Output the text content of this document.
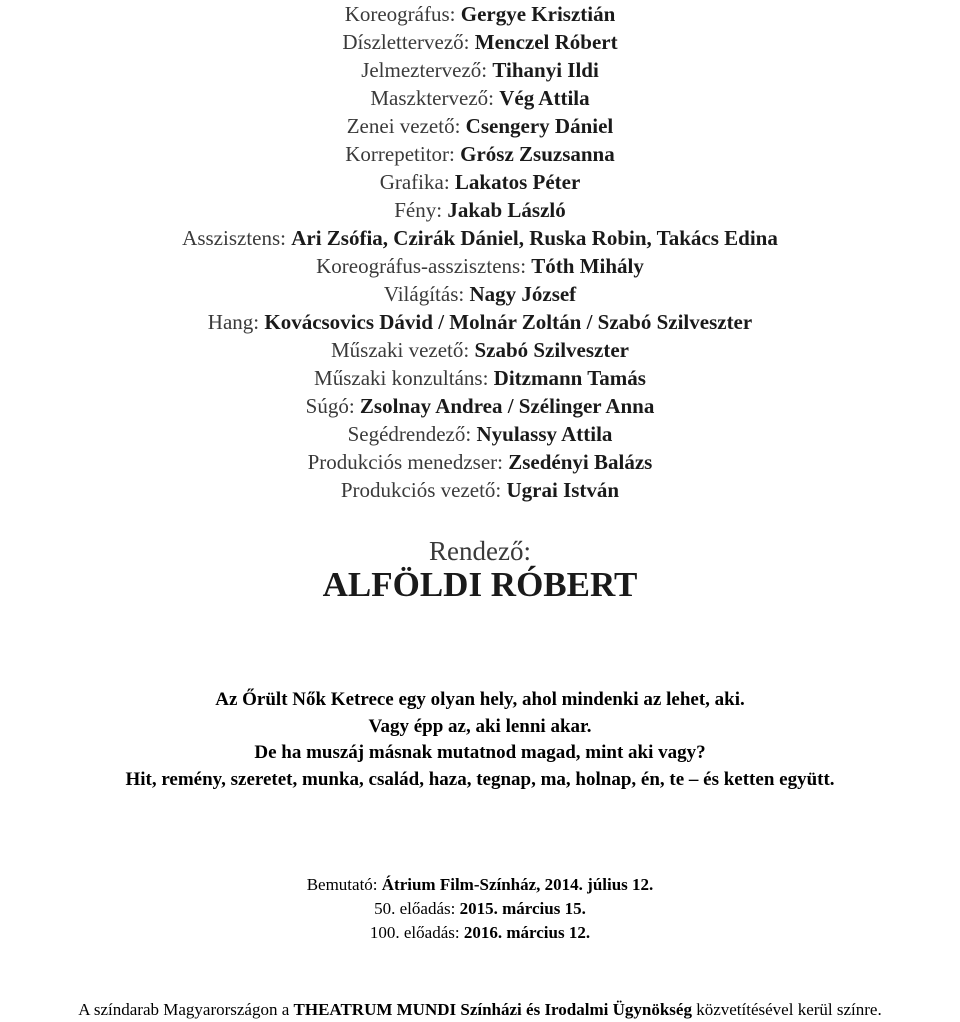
Koreográfus: Gergye Krisztián
Díszlettervező: Menczel Róbert
Jelmeztervező: Tihanyi Ildi
Maszktervező: Vég Attila
Zenei vezető: Csengery Dániel
Korrepetitor: Grósz Zsuzsanna
Grafika: Lakatos Péter
Fény: Jakab László
Asszisztens: Ari Zsófia, Czirák Dániel, Ruska Robin, Takács Edina
Koreográfus-asszisztens: Tóth Mihály
Világítás: Nagy József
Hang: Kovácsovics Dávid / Molnár Zoltán / Szabó Szilveszter
Műszaki vezető: Szabó Szilveszter
Műszaki konzultáns: Ditzmann Tamás
Súgó: Zsolnay Andrea / Szélinger Anna
Segédrendező: Nyulassy Attila
Produkciós menedzser: Zsedényi Balázs
Produkciós vezető: Ugrai István
Rendező:
ALFÖLDI RÓBERT
Az Őrült Nők Ketrece egy olyan hely, ahol mindenki az lehet, aki.
Vagy épp az, aki lenni akar.
De ha muszáj másnak mutatnod magad, mint aki vagy?
Hit, remény, szeretet, munka, család, haza, tegnap, ma, holnap, én, te – és ketten együtt.
Bemutató: Átrium Film-Színház, 2014. július 12.
50. előadás: 2015. március 15.
100. előadás: 2016. március 12.
A színdarab Magyarországon a THEATRUM MUNDI Színházi és Irodalmi Ügynökség közvetítésével kerül színre.
